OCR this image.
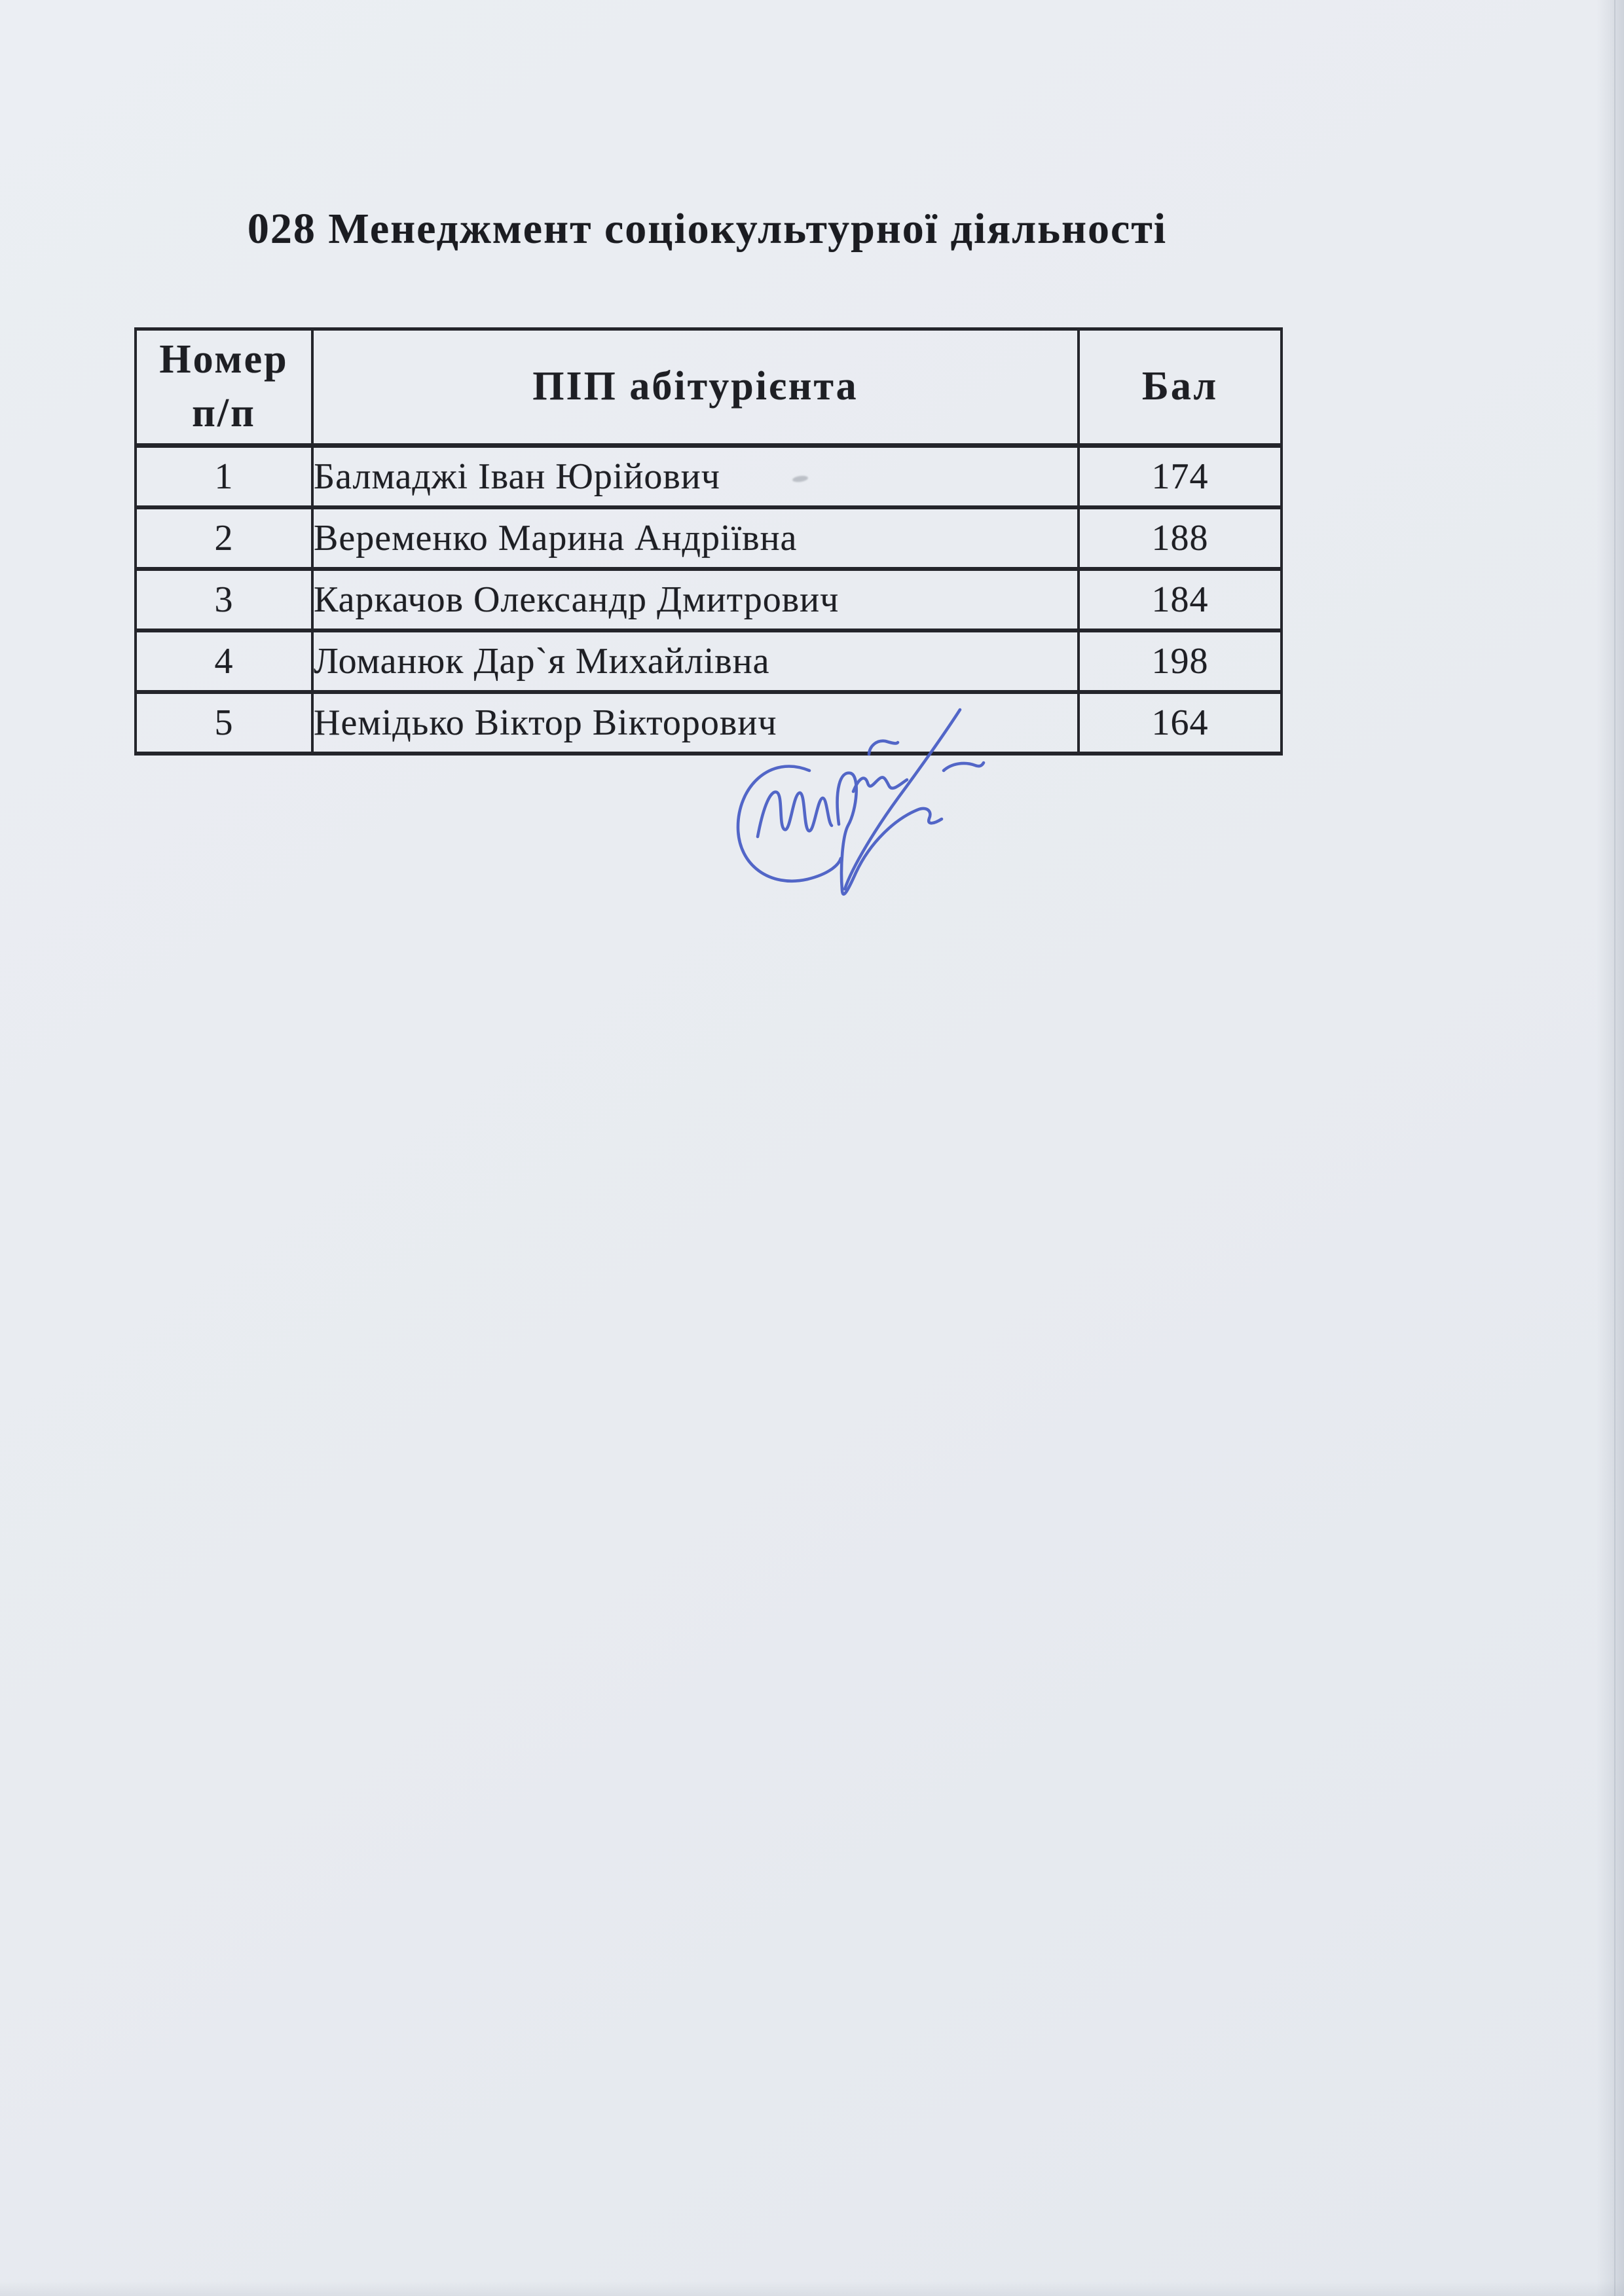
028 Менеджмент соціокультурної діяльності
Номер
п/п	ПІП абітурієнта	Бал
1	Балмаджі Іван Юрійович	174
2	Веременко Марина Андріївна	188
3	Каркачов Олександр Дмитрович	184
4	Ломанюк Дар`я Михайлівна	198
5	Немідько Віктор Вікторович	164
